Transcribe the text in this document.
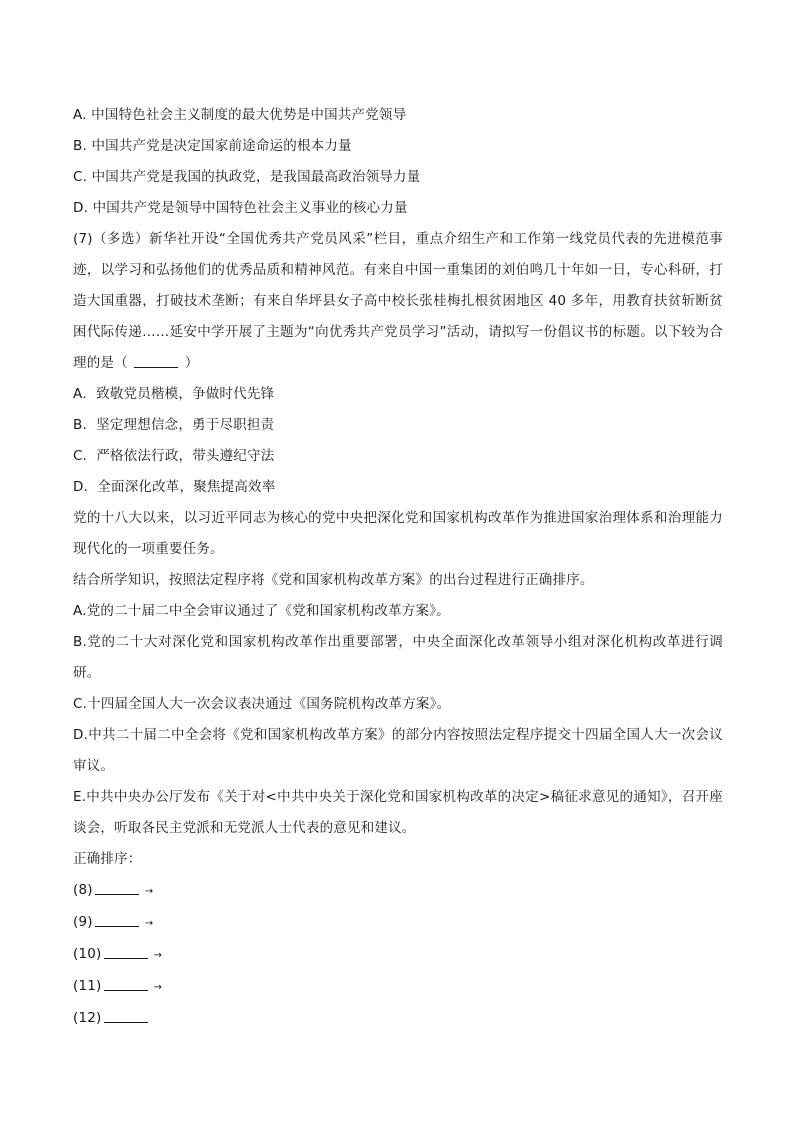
A. 中国特色社会主义制度的最大优势是中国共产党领导
B. 中国共产党是决定国家前途命运的根本力量
C. 中国共产党是我国的执政党，是我国最高政治领导力量
D. 中国共产党是领导中国特色社会主义事业的核心力量
(7)（多选）新华社开设“全国优秀共产党员风采”栏目，重点介绍生产和工作第一线党员代表的先进模范事迹，以学习和弘扬他们的优秀品质和精神风范。有来自中国一重集团的刘伯鸣几十年如一日，专心科研，打造大国重器，打破技术垄断；有来自华坪县女子高中校长张桂梅扎根贫困地区 40 多年，用教育扶贫斩断贫困代际传递……延安中学开展了主题为“向优秀共产党员学习”活动，请拟写一份倡议书的标题。以下较为合理的是（	）
A．致敬党员楷模，争做时代先锋
B．坚定理想信念，勇于尽职担责
C．严格依法行政，带头遵纪守法
D．全面深化改革，聚焦提高效率
党的十八大以来，以习近平同志为核心的党中央把深化党和国家机构改革作为推进国家治理体系和治理能力现代化的一项重要任务。
结合所学知识，按照法定程序将《党和国家机构改革方案》的出台过程进行正确排序。
A.党的二十届二中全会审议通过了《党和国家机构改革方案》。
B.党的二十大对深化党和国家机构改革作出重要部署，中央全面深化改革领导小组对深化机构改革进行调研。
C.十四届全国人大一次会议表决通过《国务院机构改革方案》。
D.中共二十届二中全会将《党和国家机构改革方案》的部分内容按照法定程序提交十四届全国人大一次会议审议。
E.中共中央办公厅发布《关于对<中共中央关于深化党和国家机构改革的决定>稿征求意见的通知》，召开座谈会，听取各民主党派和无党派人士代表的意见和建议。
正确排序：
(8)	→
(9)	→
(10)	→
(11)	→
(12)
